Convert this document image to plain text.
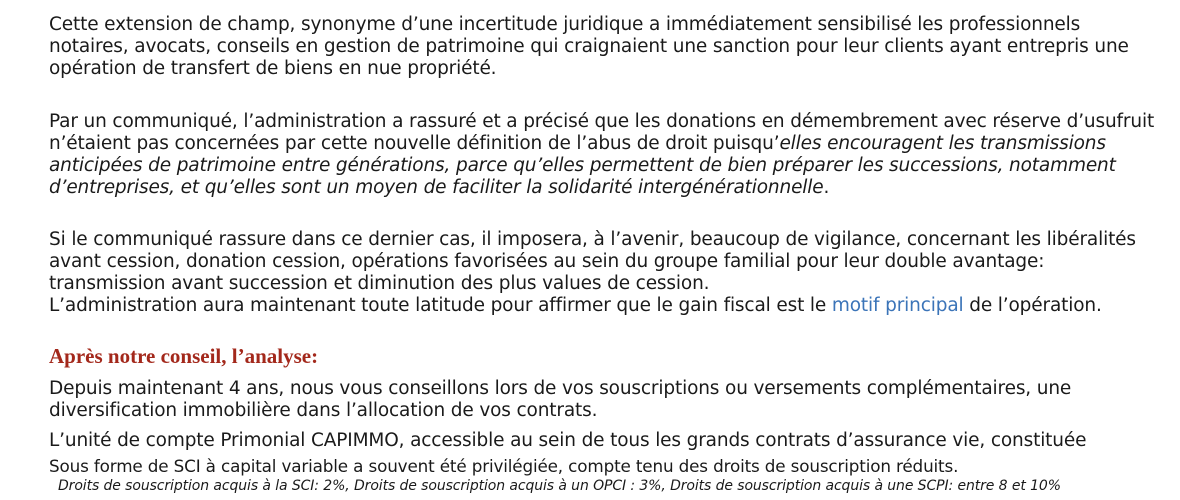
Cette extension de champ, synonyme d’une incertitude juridique a immédiatement sensibilisé les professionnels notaires, avocats, conseils en gestion de patrimoine qui craignaient une sanction pour leur clients ayant entrepris une opération de transfert de biens en nue propriété.

Par un communiqué, l’administration a rassuré et a précisé que les donations en démembrement avec réserve d’usufruit n’étaient pas concernées par cette nouvelle définition de l’abus de droit puisqu’elles encouragent les transmissions anticipées de patrimoine entre générations, parce qu’elles permettent de bien préparer les successions, notamment d’entreprises, et qu’elles sont un moyen de faciliter la solidarité intergénérationnelle.

Si le communiqué rassure dans ce dernier cas, il imposera, à l’avenir, beaucoup de vigilance, concernant les libéralités avant cession, donation cession, opérations favorisées au sein du groupe familial pour leur double avantage: transmission avant succession et diminution des plus values de cession.
L’administration aura maintenant toute latitude pour affirmer que le gain fiscal est le motif principal de l’opération.

Après notre conseil, l’analyse:

Depuis maintenant 4 ans, nous vous conseillons lors de vos souscriptions ou versements complémentaires, une diversification immobilière dans l’allocation de vos contrats.

L’unité de compte Primonial CAPIMMO, accessible au sein de tous les grands contrats d’assurance vie, constituée

Sous forme de SCI à capital variable a souvent été privilégiée, compte tenu des droits de souscription réduits.

Droits de souscription acquis à la SCI: 2%, Droits de souscription acquis à un OPCI : 3%, Droits de souscription acquis à une SCPI: entre 8 et 10%
